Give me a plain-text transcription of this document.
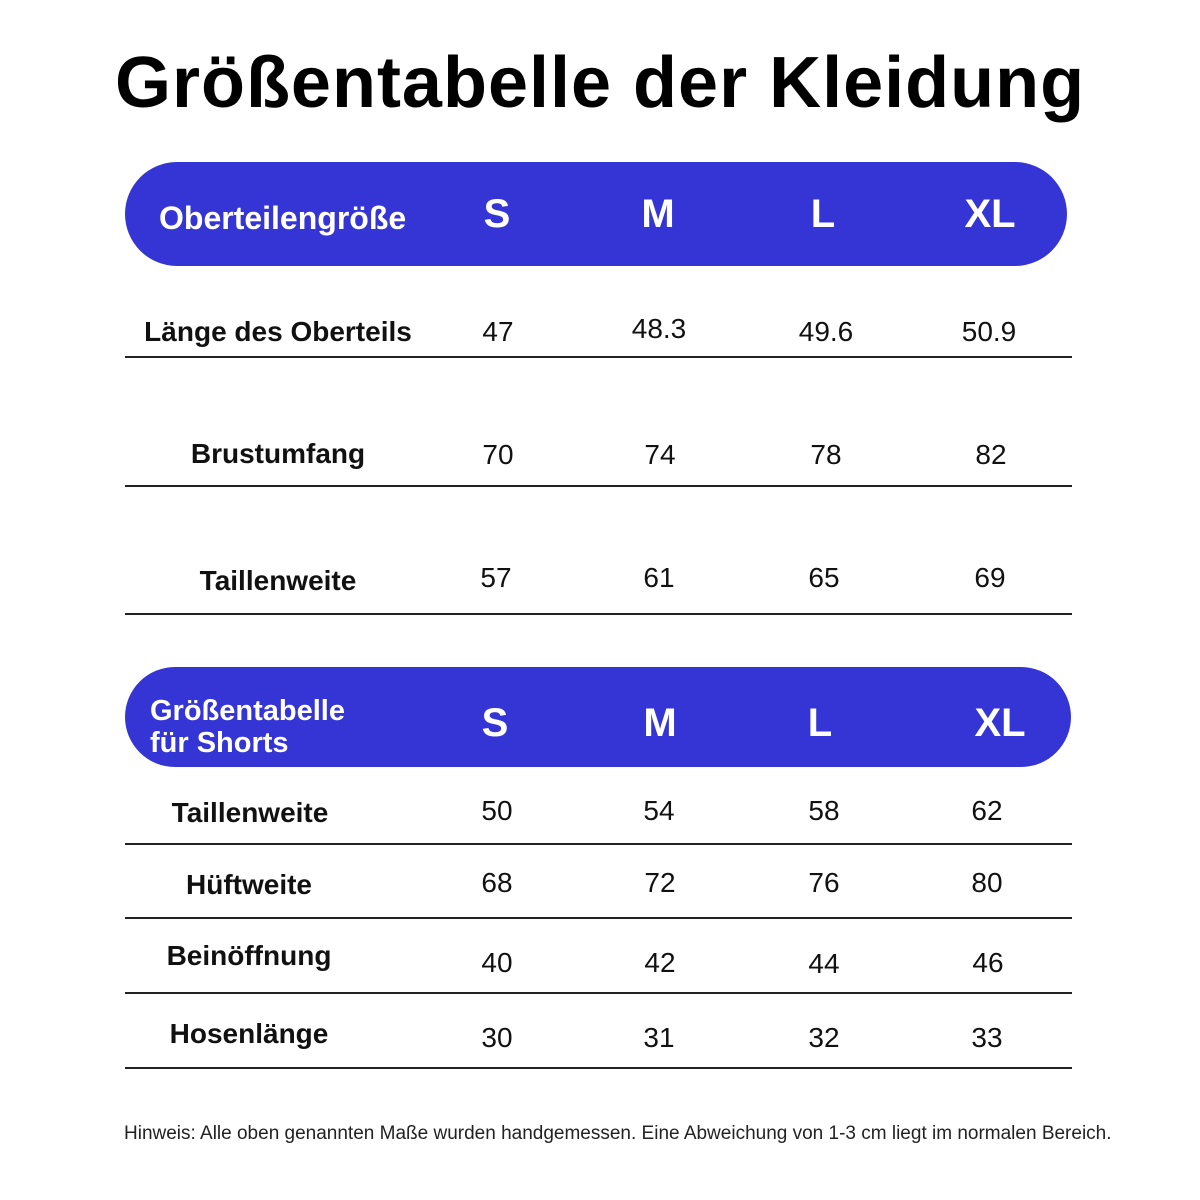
Größentabelle der Kleidung
Oberteilengröße	S	M	L	XL
Länge des Oberteils	47	48.3	49.6	50.9
Brustumfang	70	74	78	82
Taillenweite	57	61	65	69
Größentabelle
für Shorts	S	M	L	XL
Taillenweite	50	54	58	62
Hüftweite	68	72	76	80
Beinöffnung	40	42	44	46
Hosenlänge	30	31	32	33
Hinweis: Alle oben genannten Maße wurden handgemessen. Eine Abweichung von 1-3 cm liegt im normalen Bereich.
